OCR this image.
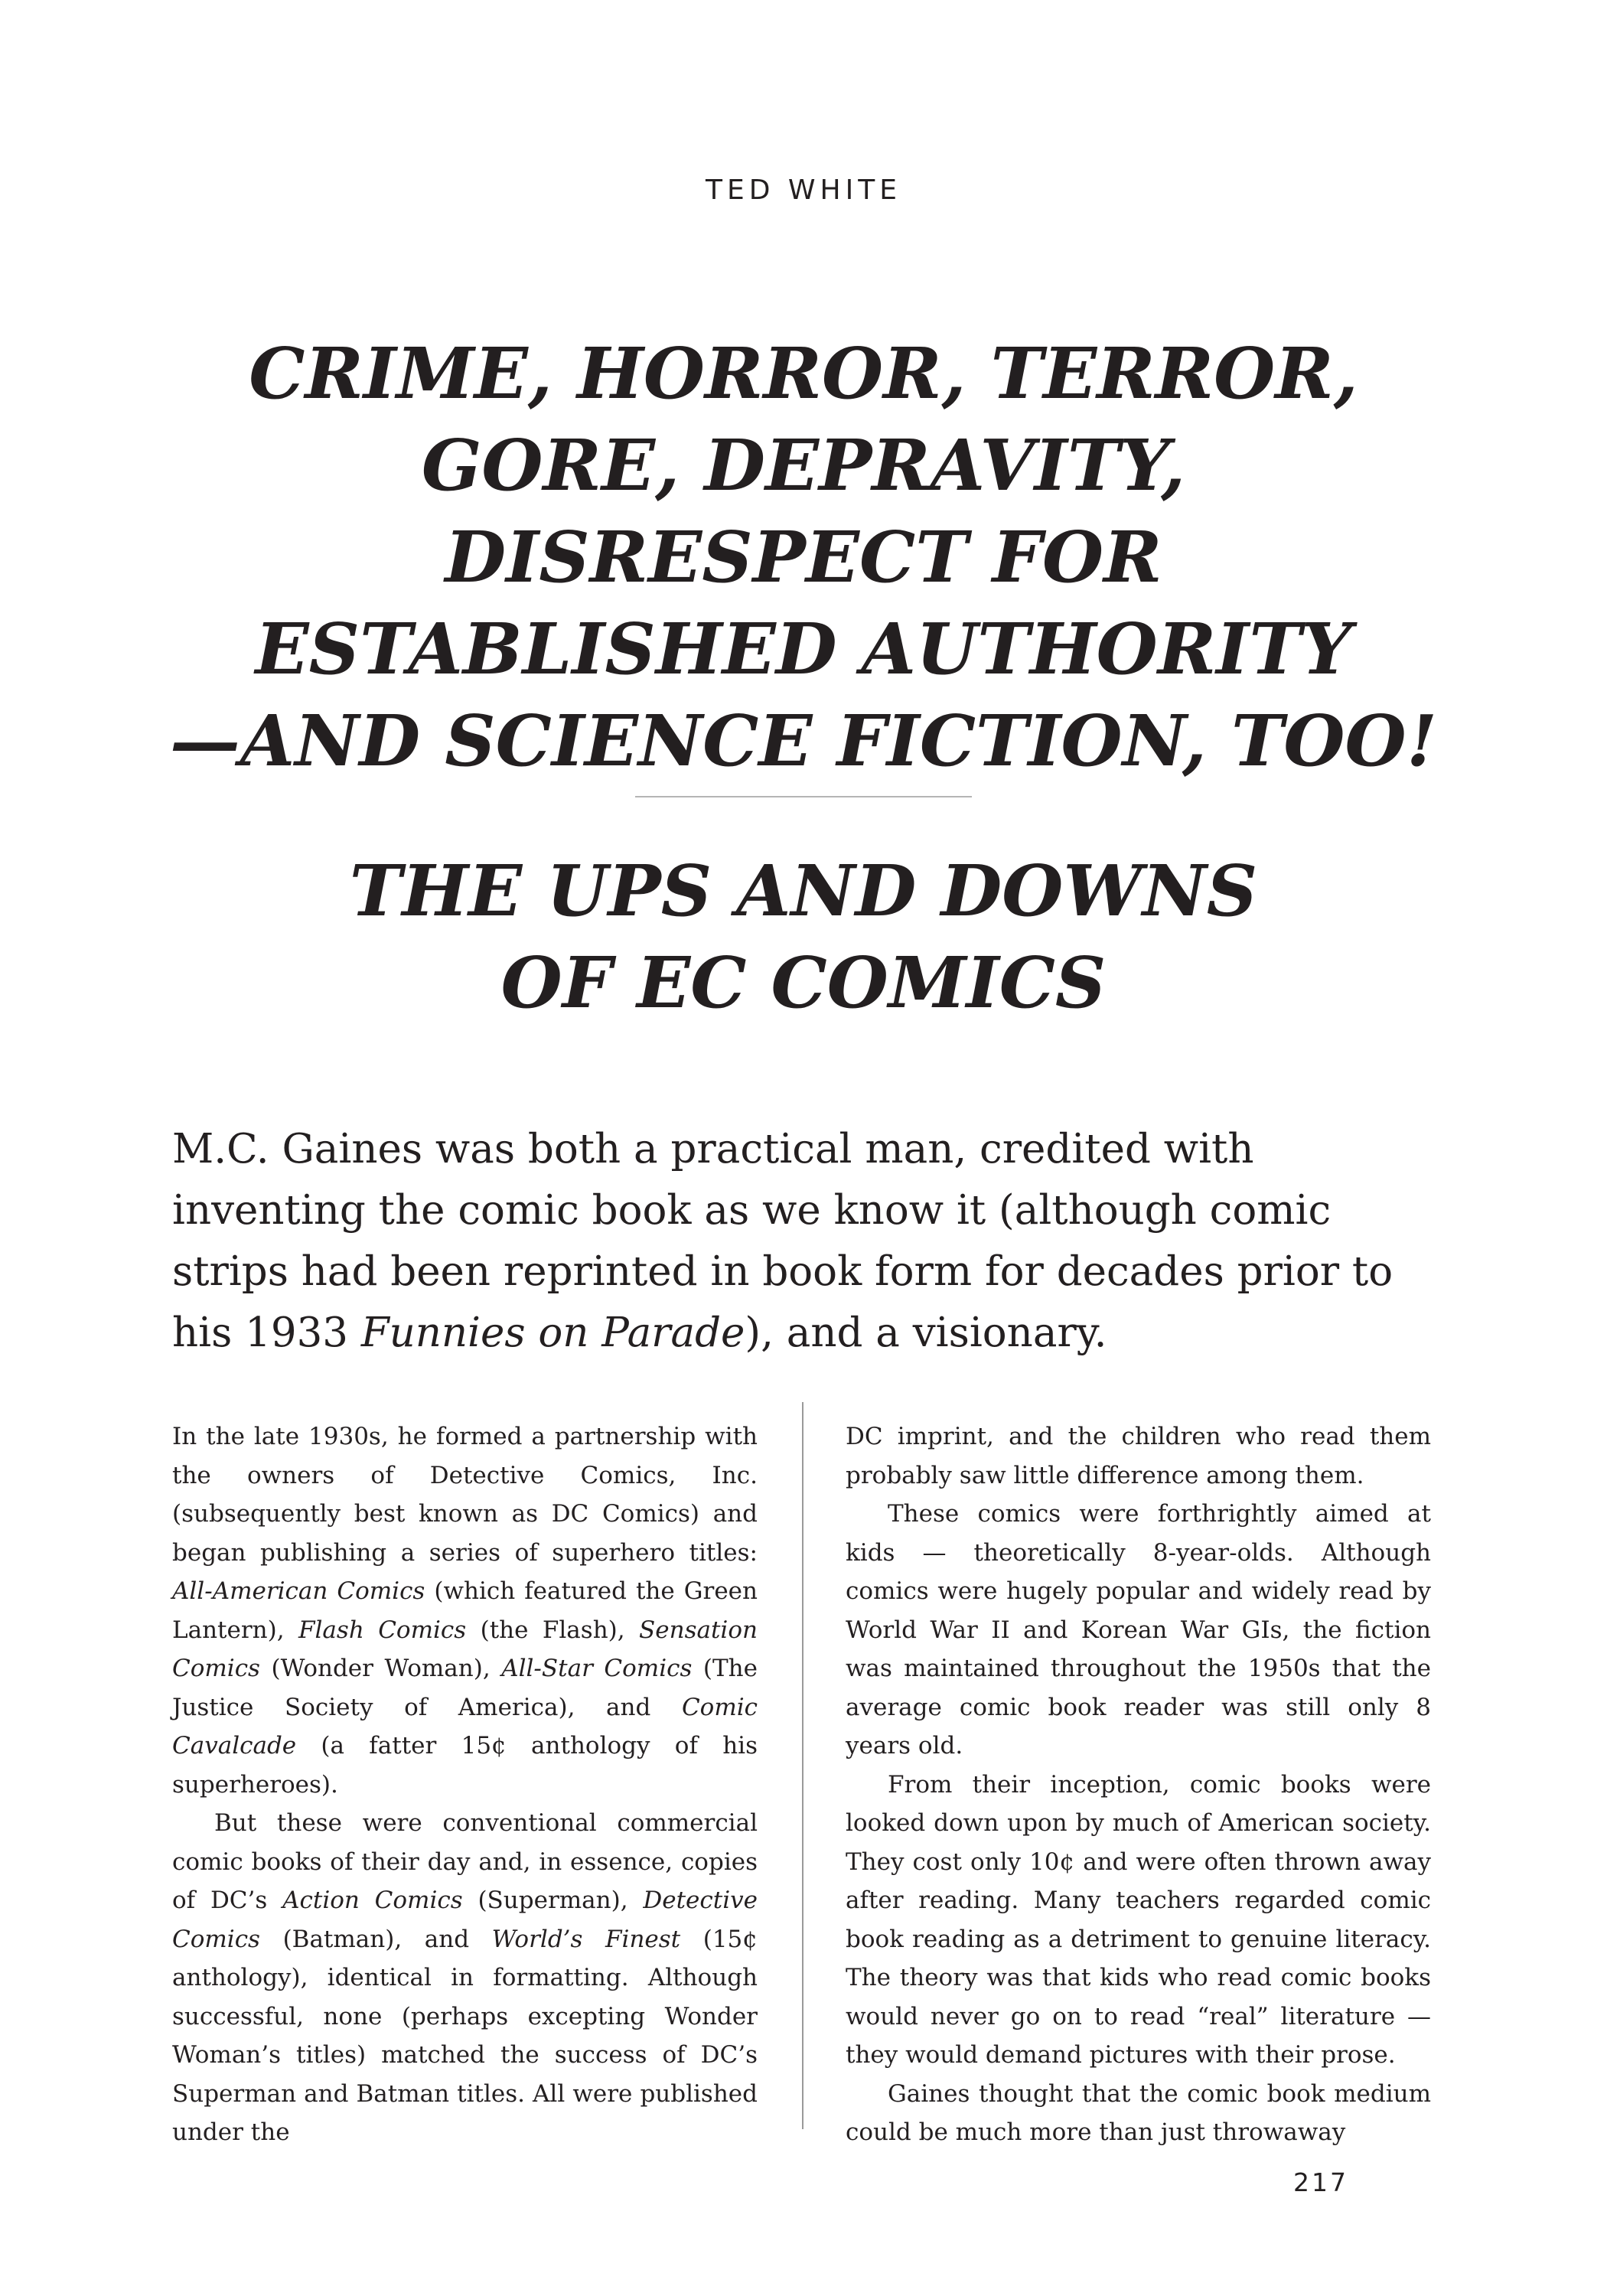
TED WHITE
CRIME, HORROR, TERROR,
GORE, DEPRAVITY,
DISRESPECT FOR
ESTABLISHED AUTHORITY
—AND SCIENCE FICTION, TOO!
THE UPS AND DOWNS
OF EC COMICS
M.C. Gaines was both a practical man, credited with inventing the comic book as we know it (although comic strips had been reprinted in book form for decades prior to his 1933 Funnies on Parade), and a visionary.

In the late 1930s, he formed a partnership with the owners of Detective Comics, Inc. (subsequently best known as DC Comics) and began publishing a series of superhero titles: All-American Comics (which featured the Green Lantern), Flash Comics (the Flash), Sensation Comics (Wonder Woman), All-Star Comics (The Justice Society of America), and Comic Cavalcade (a fatter 15¢ anthology of his superheroes).

But these were conventional commercial comic books of their day and, in essence, copies of DC’s Action Comics (Superman), Detective Comics (Batman), and World’s Finest (15¢ anthology), identical in formatting. Although successful, none (perhaps excepting Wonder Woman’s titles) matched the success of DC’s Superman and Batman titles. All were published under the

DC imprint, and the children who read them probably saw little difference among them.

These comics were forthrightly aimed at kids — theoretically 8-year-olds. Although comics were hugely popular and widely read by World War II and Korean War GIs, the fiction was maintained throughout the 1950s that the average comic book reader was still only 8 years old.

From their inception, comic books were looked down upon by much of American society. They cost only 10¢ and were often thrown away after reading. Many teachers regarded comic book reading as a detriment to genuine literacy. The theory was that kids who read comic books would never go on to read “real” literature — they would demand pictures with their prose.

Gaines thought that the comic book medium could be much more than just throwaway

217
